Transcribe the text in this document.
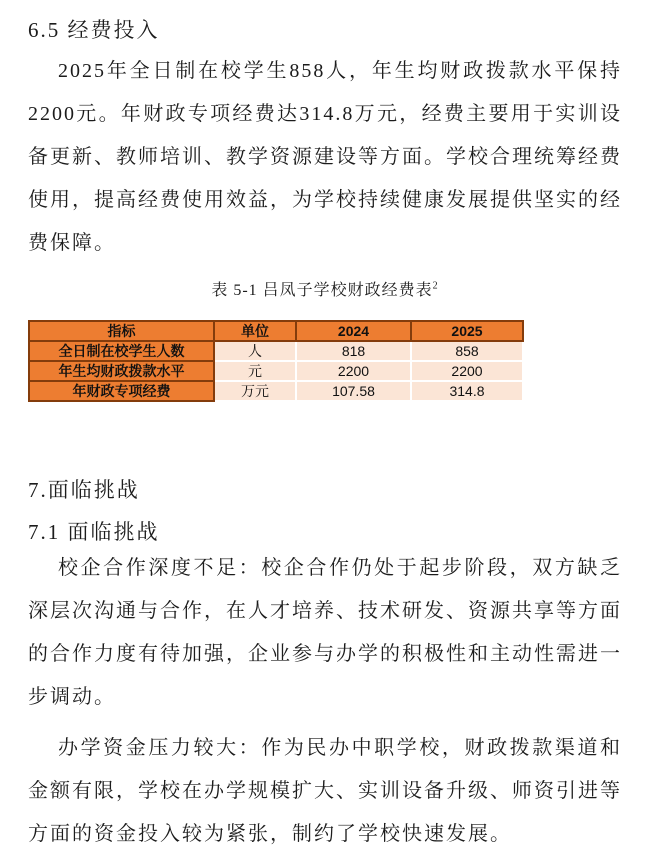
6.5 经费投入

2025年全日制在校学生858人，年生均财政拨款水平保持2200元。年财政专项经费达314.8万元，经费主要用于实训设备更新、教师培训、教学资源建设等方面。学校合理统筹经费使用，提高经费使用效益，为学校持续健康发展提供坚实的经费保障。

表 5-1 吕凤子学校财政经费表$^2$
指标	单位	2024	2025
全日制在校学生人数	人	818	858
年生均财政拨款水平	元	2200	2200
年财政专项经费	万元	107.58	314.8
7.面临挑战
7.1 面临挑战

校企合作深度不足：校企合作仍处于起步阶段，双方缺乏深层次沟通与合作，在人才培养、技术研发、资源共享等方面的合作力度有待加强，企业参与办学的积极性和主动性需进一步调动。

办学资金压力较大：作为民办中职学校，财政拨款渠道和金额有限，学校在办学规模扩大、实训设备升级、师资引进等方面的资金投入较为紧张，制约了学校快速发展。
